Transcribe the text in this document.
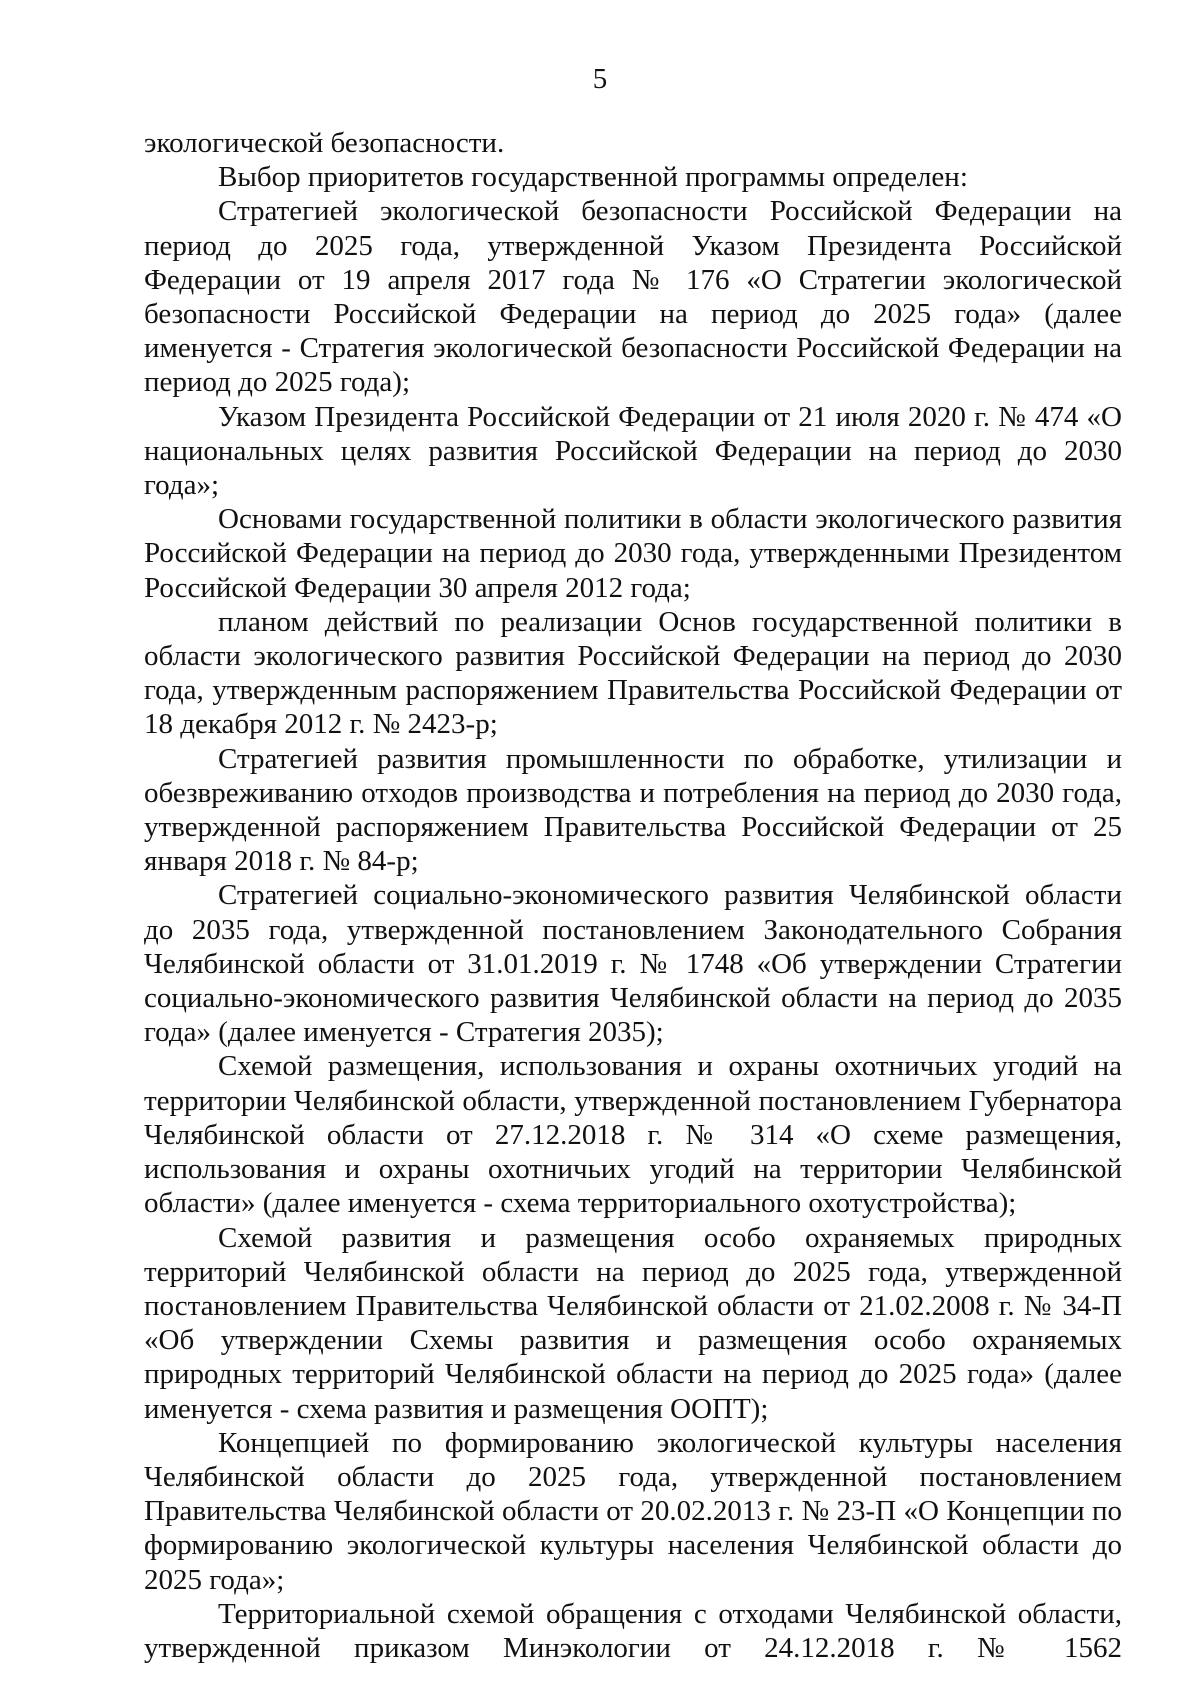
5

экологической безопасности.

Выбор приоритетов государственной программы определен:

Стратегией экологической безопасности Российской Федерации на период до 2025 года, утвержденной Указом Президента Российской Федерации от 19 апреля 2017 года № 176 «О Стратегии экологической безопасности Российской Федерации на период до 2025 года» (далее именуется - Стратегия экологической безопасности Российской Федерации на период до 2025 года);

Указом Президента Российской Федерации от 21 июля 2020 г. № 474 «О национальных целях развития Российской Федерации на период до 2030 года»;

Основами государственной политики в области экологического развития Российской Федерации на период до 2030 года, утвержденными Президентом Российской Федерации 30 апреля 2012 года;

планом действий по реализации Основ государственной политики в области экологического развития Российской Федерации на период до 2030 года, утвержденным распоряжением Правительства Российской Федерации от 18 декабря 2012 г. № 2423-р;

Стратегией развития промышленности по обработке, утилизации и обезвреживанию отходов производства и потребления на период до 2030 года, утвержденной распоряжением Правительства Российской Федерации от 25 января 2018 г. № 84-р;

Стратегией социально-экономического развития Челябинской области до 2035 года, утвержденной постановлением Законодательного Собрания Челябинской области от 31.01.2019 г. № 1748 «Об утверждении Стратегии социально-экономического развития Челябинской области на период до 2035 года» (далее именуется - Стратегия 2035);

Схемой размещения, использования и охраны охотничьих угодий на территории Челябинской области, утвержденной постановлением Губернатора Челябинской области от 27.12.2018 г. № 314 «О схеме размещения, использования и охраны охотничьих угодий на территории Челябинской области» (далее именуется - схема территориального охотустройства);

Схемой развития и размещения особо охраняемых природных территорий Челябинской области на период до 2025 года, утвержденной постановлением Правительства Челябинской области от 21.02.2008 г. № 34-П «Об утверждении Схемы развития и размещения особо охраняемых природных территорий Челябинской области на период до 2025 года» (далее именуется - схема развития и размещения ООПТ);

Концепцией по формированию экологической культуры населения Челябинской области до 2025 года, утвержденной постановлением Правительства Челябинской области от 20.02.2013 г. № 23-П «О Концепции по формированию экологической культуры населения Челябинской области до 2025 года»;

Территориальной схемой обращения с отходами Челябинской области, утвержденной приказом Минэкологии от 24.12.2018 г. № 1562
